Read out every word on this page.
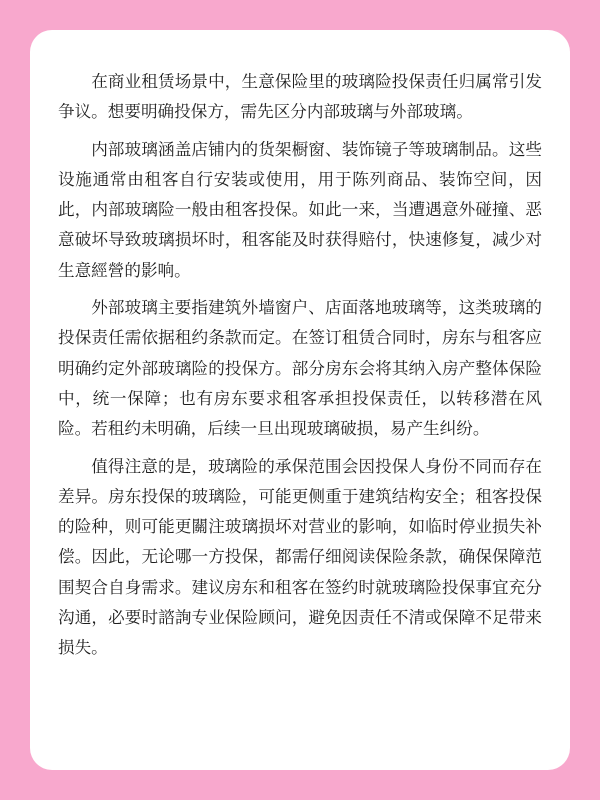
在商业租赁场景中，生意保险里的玻璃险投保责任归属常引发争议。想要明确投保方，需先区分内部玻璃与外部玻璃。

内部玻璃涵盖店铺内的货架橱窗、装饰镜子等玻璃制品。这些设施通常由租客自行安装或使用，用于陈列商品、装饰空间，因此，内部玻璃险一般由租客投保。如此一来，当遭遇意外碰撞、恶意破坏导致玻璃损坏时，租客能及时获得赔付，快速修复，减少对生意經營的影响。

外部玻璃主要指建筑外墙窗户、店面落地玻璃等，这类玻璃的投保责任需依据租约条款而定。在签订租赁合同时，房东与租客应明确约定外部玻璃险的投保方。部分房东会将其纳入房产整体保险中，统一保障；也有房东要求租客承担投保责任，以转移潜在风险。若租约未明确，后续一旦出现玻璃破损，易产生纠纷。

值得注意的是，玻璃险的承保范围会因投保人身份不同而存在差异。房东投保的玻璃险，可能更侧重于建筑结构安全；租客投保的险种，则可能更關注玻璃损坏对营业的影响，如临时停业损失补偿。因此，无论哪一方投保，都需仔细阅读保险条款，确保保障范围契合自身需求。建议房东和租客在签约时就玻璃险投保事宜充分沟通，必要时諮詢专业保险顾问，避免因责任不清或保障不足带来损失。
